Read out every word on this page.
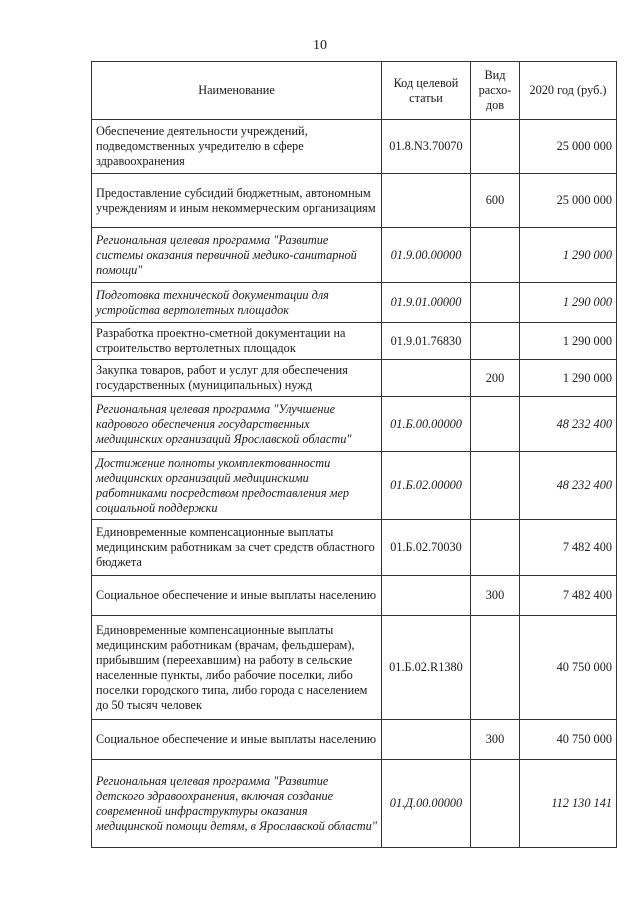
10
Наименование	Код целевой статьи	Вид расхо-дов	2020 год (руб.)
Обеспечение деятельности учреждений, подведомственных учредителю в сфере здравоохранения	01.8.N3.70070		25 000 000
Предоставление субсидий бюджетным, автономным учреждениям и иным некоммерческим организациям		600	25 000 000
Региональная целевая программа "Развитие системы оказания первичной медико-санитарной помощи"	01.9.00.00000		1 290 000
Подготовка технической документации для устройства вертолетных площадок	01.9.01.00000		1 290 000
Разработка проектно-сметной документации на строительство вертолетных площадок	01.9.01.76830		1 290 000
Закупка товаров, работ и услуг для обеспечения государственных (муниципальных) нужд		200	1 290 000
Региональная целевая программа "Улучшение кадрового обеспечения государственных медицинских организаций Ярославской области"	01.Б.00.00000		48 232 400
Достижение полноты укомплектованности медицинских организаций медицинскими работниками посредством предоставления мер социальной поддержки	01.Б.02.00000		48 232 400
Единовременные компенсационные выплаты медицинским работникам за счет средств областного бюджета	01.Б.02.70030		7 482 400
Социальное обеспечение и иные выплаты населению		300	7 482 400
Единовременные компенсационные выплаты медицинским работникам (врачам, фельдшерам), прибывшим (переехавшим) на работу в сельские населенные пункты, либо рабочие поселки, либо поселки городского типа, либо города с населением до 50 тысяч человек	01.Б.02.R1380		40 750 000
Социальное обеспечение и иные выплаты населению		300	40 750 000
Региональная целевая программа "Развитие детского здравоохранения, включая создание современной инфраструктуры оказания медицинской помощи детям, в Ярославской области"	01.Д.00.00000		112 130 141
